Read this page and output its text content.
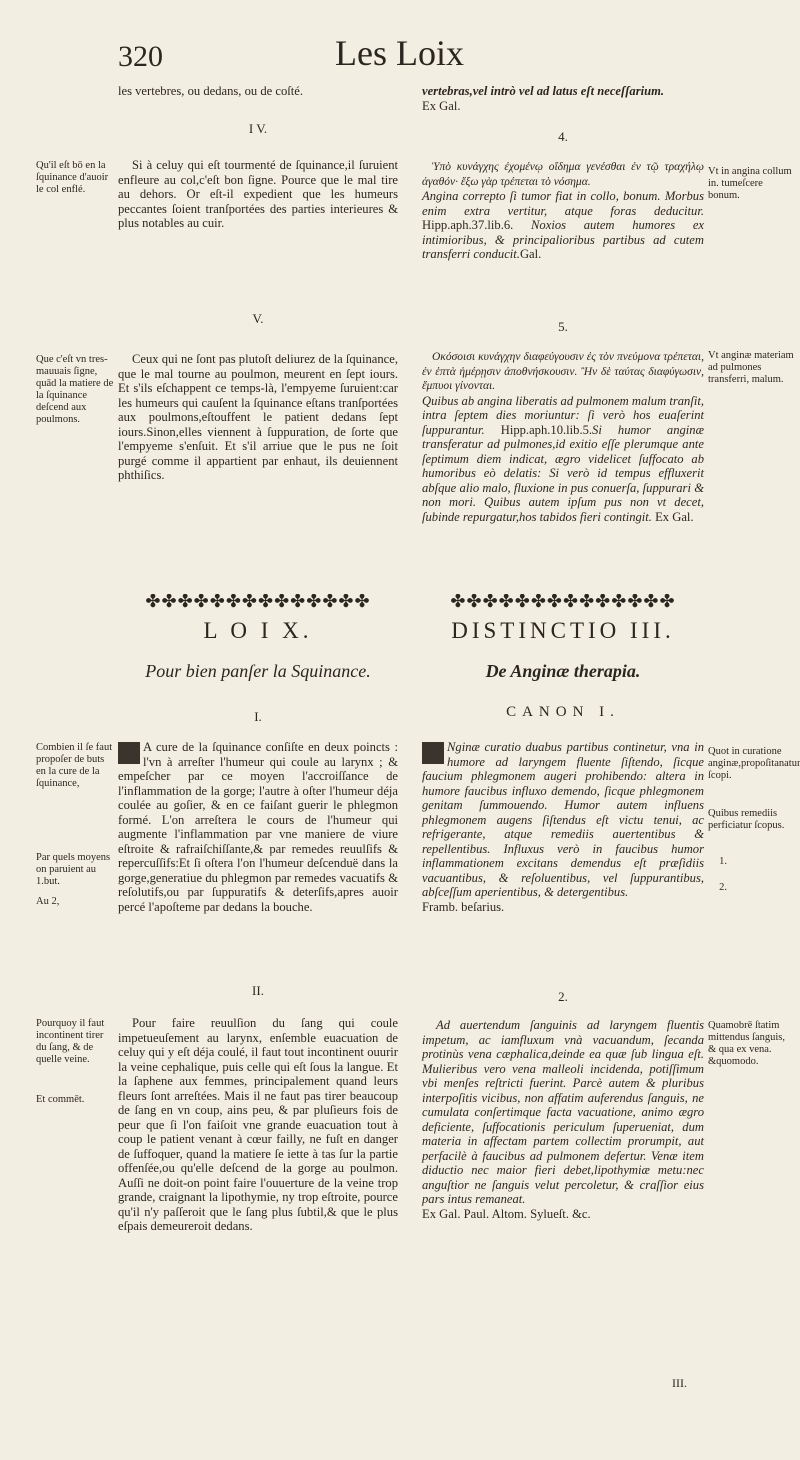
320	Les Loix

les vertebres, ou dedans, ou de coſté.	vertebras,vel intrò vel ad latus eſt neceſſarium.

Ex Gal.

I V.
4.
Qu'il eſt bō en la ſquinance d'auoir le col enflé.

Si à celuy qui eſt tourmenté de ſquinance,il ſuruient enfleure au col,c'eſt bon ſigne. Pource que le mal tire au dehors. Or eſt-il expedient que les humeurs peccantes ſoient tranſportées des parties interieures & plus notables au cuir.

Ὑπὸ κυνάγχης ἐχομένῳ οἴδημα γενέσθαι ἐν τῷ τραχήλῳ ἀγαθόν· ἔξω γὰρ τρέπεται τὸ νόσημα.

Angina correpto ſi tumor fiat in collo, bonum. Morbus enim extra vertitur, atque foras deducitur. Hipp.aph.37.lib.6. Noxios autem humores ex intimioribus, & principalioribus partibus ad cutem transferri conducit.Gal.

Vt in angina collum in. tumeſcere bonum.
V.
5.
Que c'eſt vn tres-mauuais ſigne, quād la matiere de la ſquinance deſcend aux poulmons.

Ceux qui ne ſont pas plutoſt deliurez de la ſquinance, que le mal tourne au poulmon, meurent en ſept iours. Et s'ils eſchappent ce temps-là, l'empyeme ſuruient:car les humeurs qui cauſent la ſquinance eſtans tranſportées aux poulmons,eſtouffent le patient dedans ſept iours.Sinon,elles viennent à ſuppuration, de ſorte que l'empyeme s'enſuit. Et s'il arriue que le pus ne ſoit purgé comme il appartient par enhaut, ils deuiennent phthiſics.

Οκόσοισι κυνάγχην διαφεύγουσιν ἐς τὸν πνεύμονα τρέπεται, ἐν ἑπτὰ ἡμέρῃσιν ἀποθνήσκουσιν. Ἢν δὲ ταύτας διαφύγωσιν, ἔμπυοι γίνονται.

Quibus ab angina liberatis ad pulmonem malum tranſit, intra ſeptem dies moriuntur: ſi verò hos euaſerint ſuppurantur. Hipp.aph.10.lib.5.Si humor anginæ transferatur ad pulmones,id exitio eſſe plerumque ante ſeptimum diem indicat, ægro videlicet ſuffocato ab humoribus eò delatis: Si verò id tempus effluxerit abſque alio malo, fluxione in pus conuerſa, ſuppurari & non mori. Quibus autem ipſum pus non vt decet, ſubinde repurgatur,hos tabidos fieri contingit. Ex Gal.

Vt anginæ materiam ad pulmones transferri, malum.
✤✤✤✤✤✤✤✤✤✤✤✤✤✤	✤✤✤✤✤✤✤✤✤✤✤✤✤✤
L O I X.	DISTINCTIO III.
Pour bien panſer la Squinance.	De Anginæ therapia.
CANON I.
I.
Combien il ſe faut propoſer de buts en la cure de la ſquinance,
Par quels moyens on paruient au 1.but.
Au 2,

A cure de la ſquinance conſiſte en deux poincts : l'vn à arreſter l'humeur qui coule au larynx ; & empeſcher par ce moyen l'accroiſſance de l'inflammation de la gorge; l'autre à oſter l'humeur déja coulée au goſier, & en ce faiſant guerir le phlegmon formé. L'on arreſtera le cours de l'humeur qui augmente l'inflammation par vne maniere de viure eſtroite & rafraiſchiſſante,& par remedes reuulſifs & repercuſſifs:Et ſi oſtera l'on l'humeur deſcenduë dans la gorge,generatiue du phlegmon par remedes vacuatifs & reſolutifs,ou par ſuppuratifs & deterſifs,apres auoir percé l'apoſteme par dedans la bouche.

Nginæ curatio duabus partibus continetur, vna in humore ad laryngem fluente ſiſtendo, ſicque faucium phlegmonem augeri prohibendo: altera in humore faucibus influxo demendo, ſicque phlegmonem genitam ſummouendo. Humor autem influens phlegmonem augens ſiſtendus eſt victu tenui, ac refrigerante, atque remediis auertentibus & repellentibus. Influxus verò in faucibus humor inflammationem excitans demendus eſt præſidiis vacuantibus, & reſoluentibus, vel ſuppurantibus, abſceſſum aperientibus, & detergentibus.

Framb. beſarius.

Quot in curatione anginæ,propoſitanatur ſcopi.
Quibus remediis perficiatur ſcopus.
1.
2.
II.	2.
Pourquoy il faut incontinent tirer du ſang, & de quelle veine.
Et commēt.

Pour faire reuulſion du ſang qui coule impetueuſement au larynx, enſemble euacuation de celuy qui y eſt déja coulé, il faut tout incontinent ouurir la veine cephalique, puis celle qui eſt ſous la langue. Et la ſaphene aux femmes, principalement quand leurs fleurs ſont arreſtées. Mais il ne faut pas tirer beaucoup de ſang en vn coup, ains peu, & par pluſieurs fois de peur que ſi l'on faiſoit vne grande euacuation tout à coup le patient venant à cœur failly, ne fuſt en danger de ſuffoquer, quand la matiere ſe iette à tas ſur la partie offenſée,ou qu'elle deſcend de la gorge au poulmon. Auſſi ne doit-on point faire l'ouuerture de la veine trop grande, craignant la lipothymie, ny trop eſtroite, pource qu'il n'y paſſeroit que le ſang plus ſubtil,& que le plus eſpais demeureroit dedans.

Ad auertendum ſanguinis ad laryngem fluentis impetum, ac iamfluxum vnà vacuandum, ſecanda protinùs vena cæphalica,deinde ea quæ ſub lingua eſt. Mulieribus vero vena malleoli incidenda, potiſſimum vbi menſes reſtricti fuerint. Parcè autem & pluribus interpoſitis vicibus, non affatim auferendus ſanguis, ne cumulata conſertimque facta vacuatione, animo ægro deficiente, ſuffocationis periculum ſuperueniat, dum materia in affectam partem collectim prorumpit, aut perfacilè à faucibus ad pulmonem defertur. Venæ item diductio nec maior fieri debet,lipothymiæ metu:nec anguſtior ne ſanguis velut percoletur, & craſſior eius pars intus remaneat.

Ex Gal. Paul. Altom. Sylueſt. &c.

Quamobrē ſtatim mittendus ſanguis, & qua ex vena. &quomodo.
III.
